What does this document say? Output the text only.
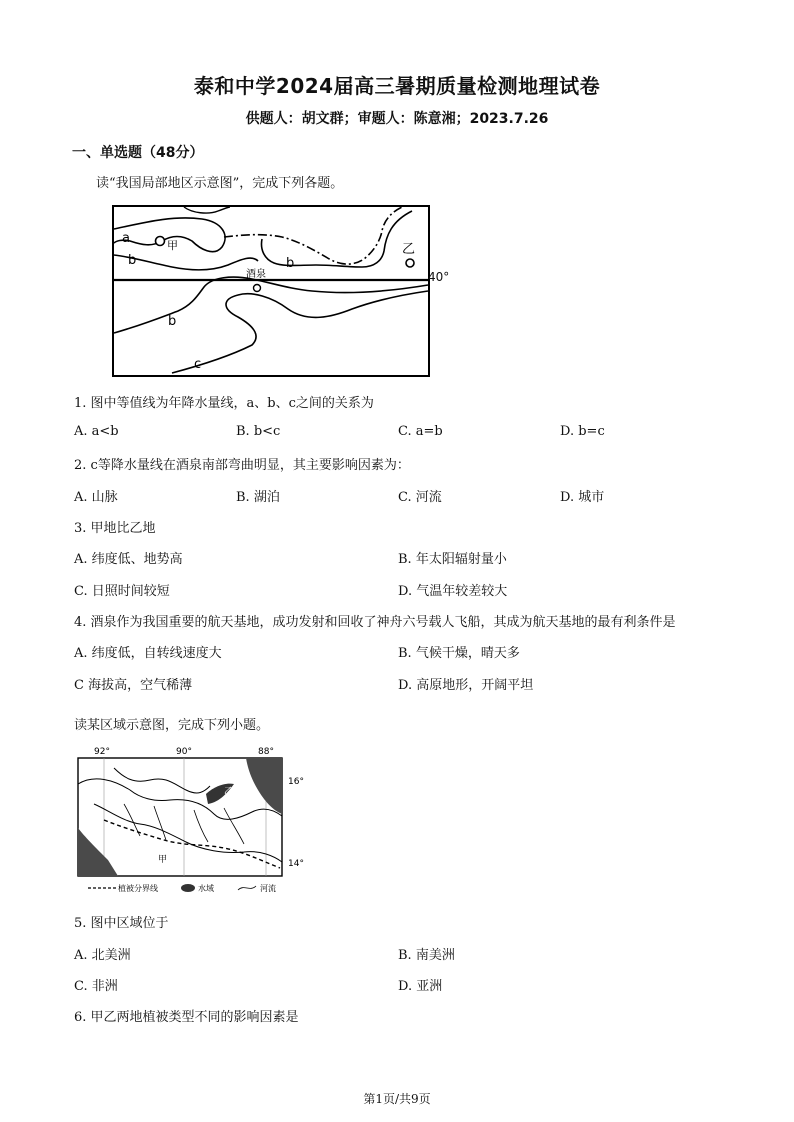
泰和中学2024届高三暑期质量检测地理试卷
供题人：胡文群；审题人：陈意湘；2023.7.26
一、单选题（48分）
读“我国局部地区示意图”，完成下列各题。
a
b	b
b
c
甲	乙
酒泉	40°
1. 图中等值线为年降水量线，a、b、c之间的关系为
A. a<b	B. b<c	C. a=b	D. b=c
2. c等降水量线在酒泉南部弯曲明显，其主要影响因素为：
A. 山脉	B. 湖泊	C. 河流	D. 城市
3. 甲地比乙地
A. 纬度低、地势高	B. 年太阳辐射量小
C. 日照时间较短	D. 气温年较差较大
4. 酒泉作为我国重要的航天基地，成功发射和回收了神舟六号载人飞船，其成为航天基地的最有利条件是
A. 纬度低，自转线速度大	B. 气候干燥，晴天多
C 海拔高，空气稀薄	D. 高原地形，开阔平坦
读某区域示意图，完成下列小题。
92°	90°	88°
16°
14°
甲
乙
植被分界线	水域	河流
5. 图中区域位于
A. 北美洲	B. 南美洲
C. 非洲	D. 亚洲
6. 甲乙两地植被类型不同的影响因素是
第1页/共9页
